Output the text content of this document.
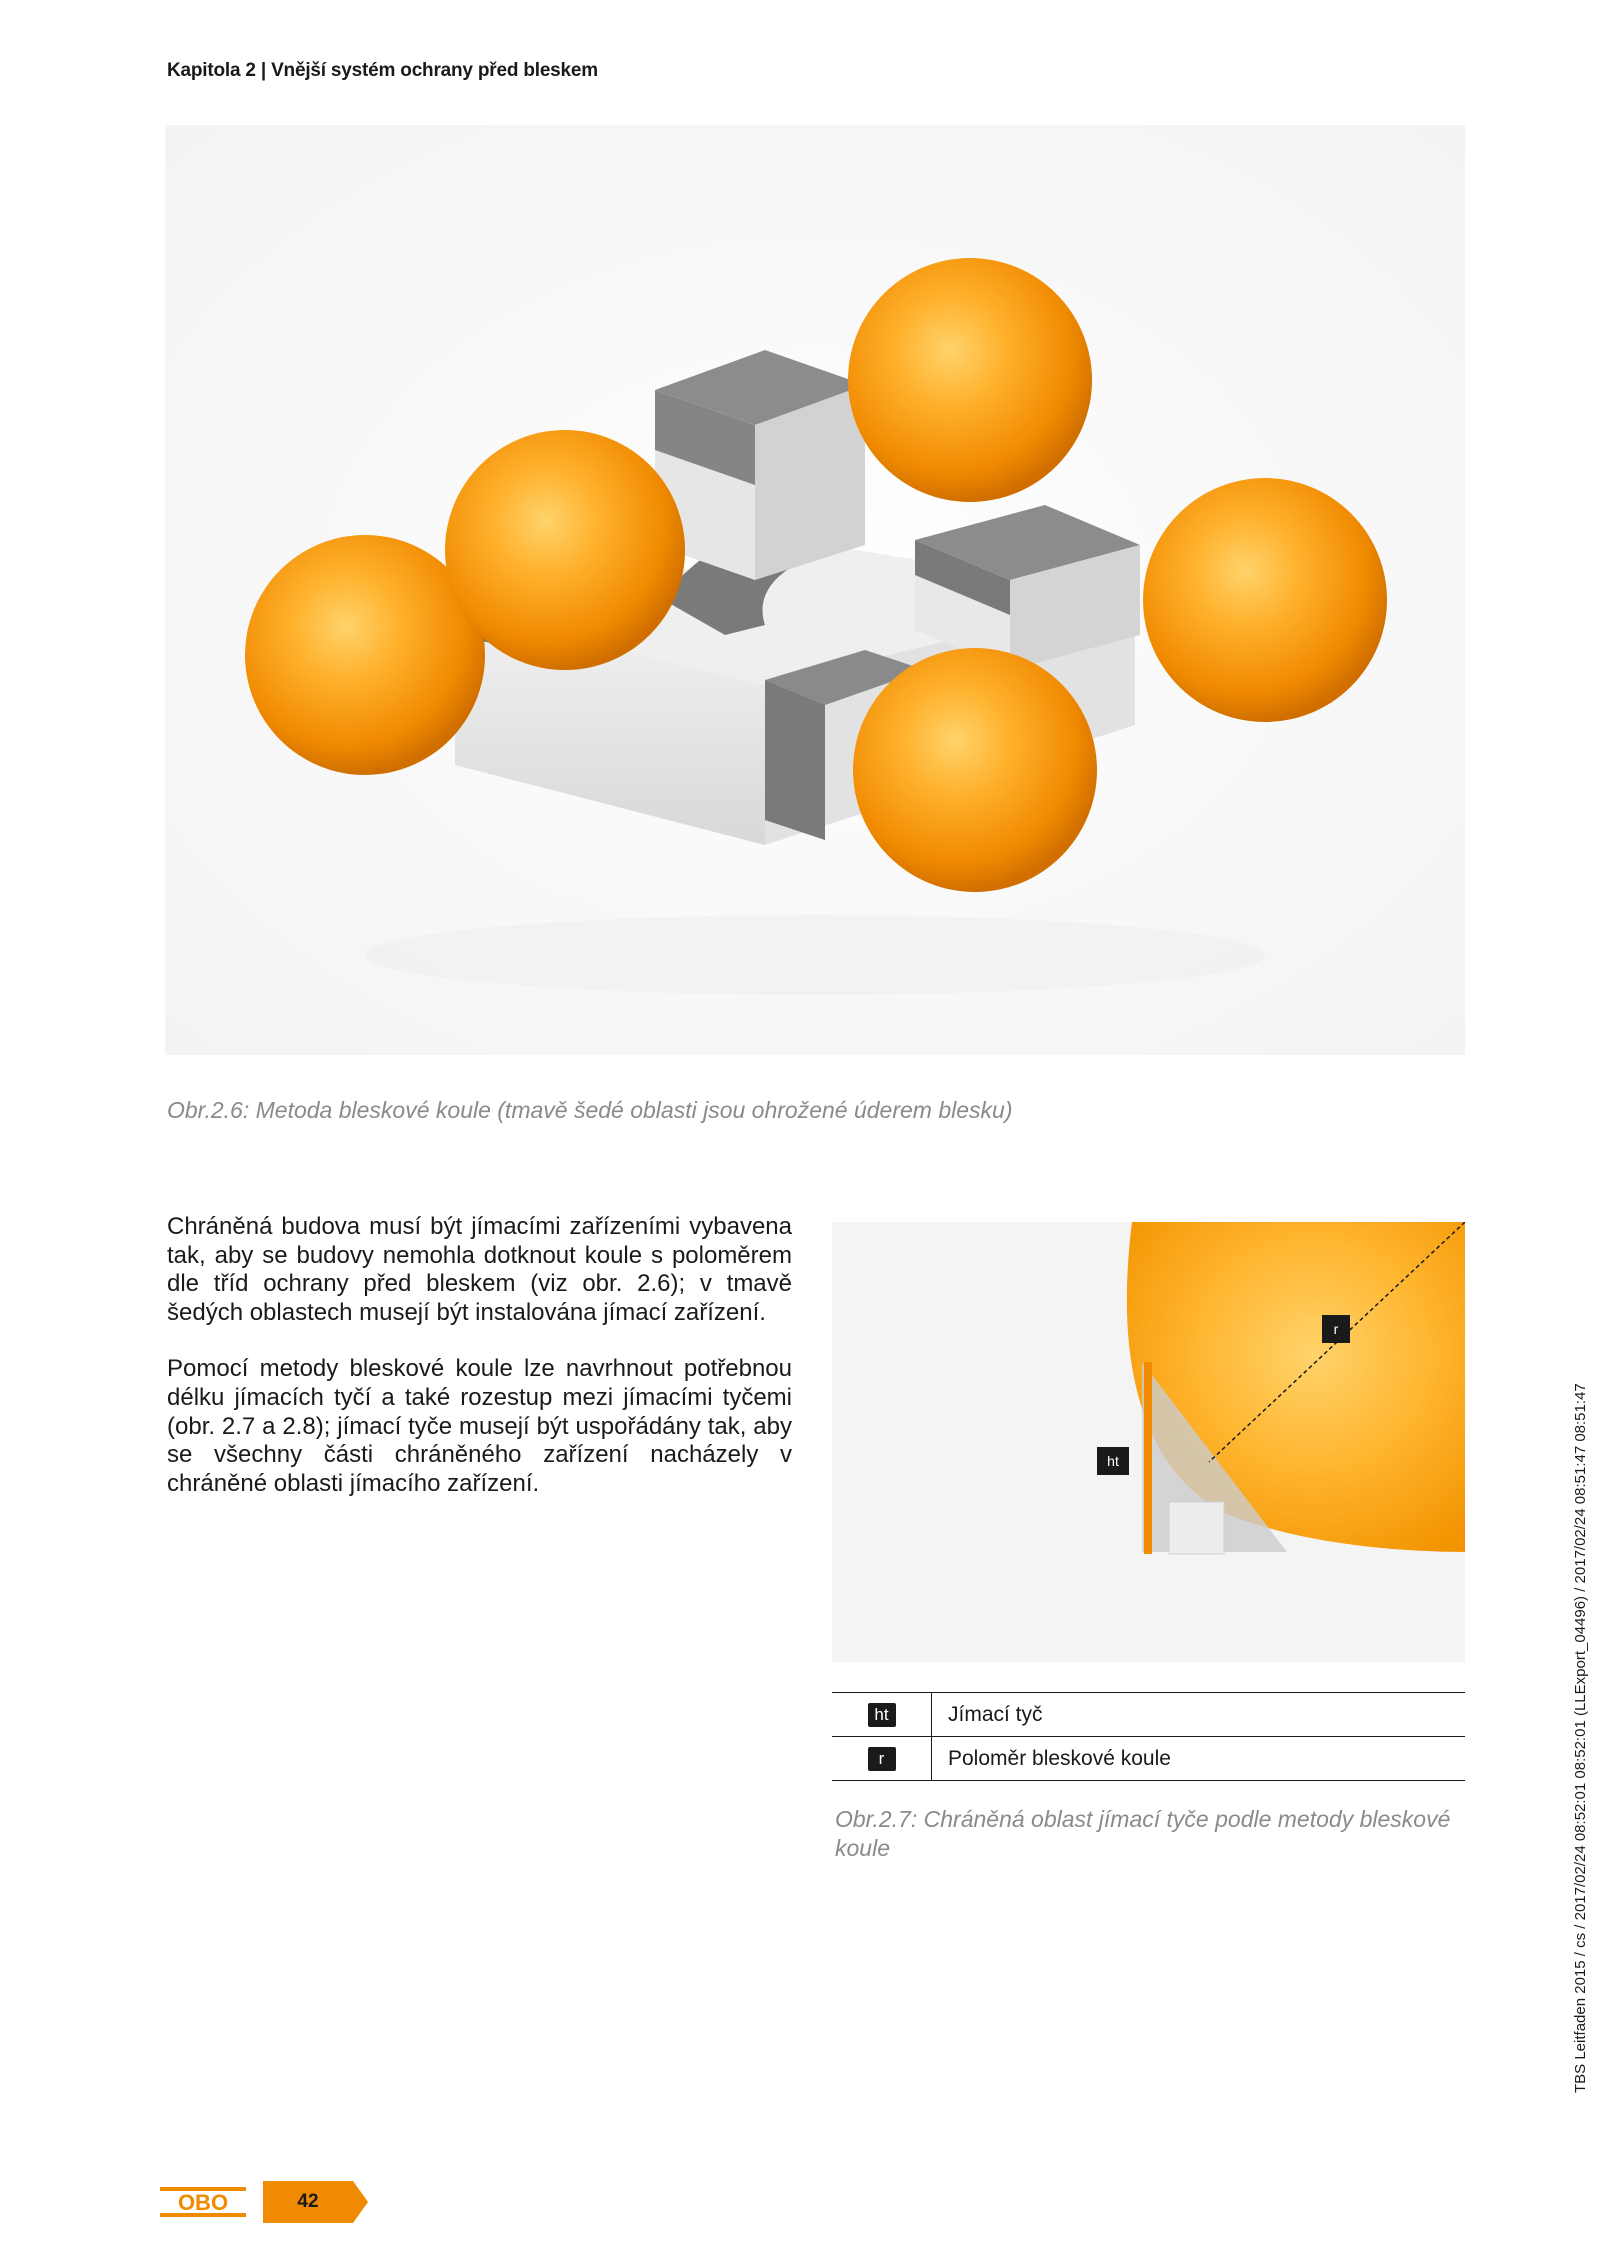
Kapitola 2 | Vnější systém ochrany před bleskem
Obr.2.6: Metoda bleskové koule (tmavě šedé oblasti jsou ohrožené úderem blesku)

Chráněná budova musí být jímacími zařízeními vybavena tak, aby se budovy nemohla dotknout koule s poloměrem dle tříd ochrany před bleskem (viz obr. 2.6); v tmavě šedých oblastech musejí být instalována jímací zařízení.

Pomocí metody bleskové koule lze navrhnout potřebnou délku jímacích tyčí a také rozestup mezi jímacími tyčemi (obr. 2.7 a 2.8); jímací tyče musejí být uspořádány tak, aby se všechny části chráněného zařízení nacházely v chráněné oblasti jímacího zařízení.

r
ht
ht	Jímací tyč
r	Poloměr bleskové koule
Obr.2.7: Chráněná oblast jímací tyče podle metody bleskové koule	TBS Leitfaden 2015 / cs / 2017/02/24 08:52:01 08:52:01 (LLExport_04496) / 2017/02/24 08:51:47 08:51:47
OBO	42
